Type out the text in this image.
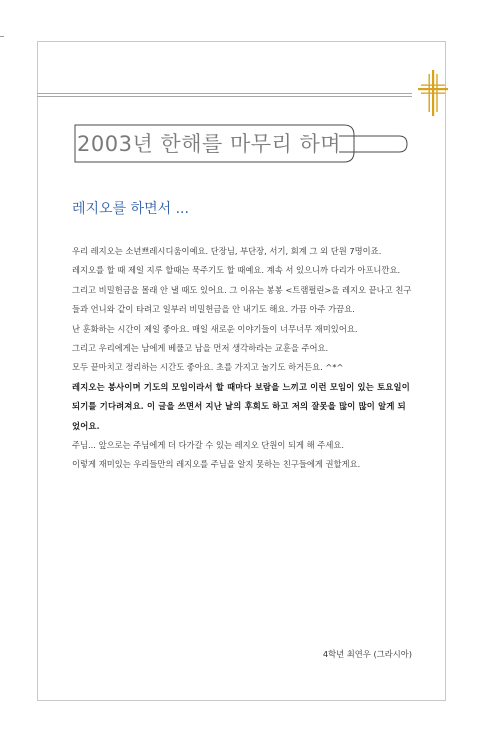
2003년 한해를 마무리 하며
레지오를 하면서 ...

우리 레지오는 소년쁘레시디움이예요. 단장님, 부단장, 서기, 회계 그 외 단원 7명이죠.

레지오를 할 때 제일 지루 할때는 묵주기도 할 때예요. 계속 서 있으니까 다리가 아프니깐요.

그리고 비밀헌금을 몰래 안 낼 때도 있어요. 그 이유는 봉봉 <트램펄린>을 레지오 끝나고 친구들과 언니와 같이 타려고 일부러 비밀헌금을 안 내기도 해요. 가끔 아주 가끔요.

난 훈화하는 시간이 제일 좋아요. 매일 새로운 이야기들이 너무너무 재미있어요.

그리고 우리에게는 남에게 베풀고 남을 먼저 생각하라는 교훈을 주어요.

모두 끝마치고 정리하는 시간도 좋아요. 초를 가지고 놀기도 하거든요. ^*^

레지오는 봉사이며 기도의 모임이라서 할 때마다 보람을 느끼고 이런 모임이 있는 토요일이 되기를 기다려져요. 이 글을 쓰면서 지난 날의 후회도 하고 저의 잘못을 많이 많이 알게 되었어요.

주님... 앞으로는 주님에게 더 다가갈 수 있는 레지오 단원이 되게 해 주세요.

이렇게 재미있는 우리들만의 레지오를 주님을 알지 못하는 친구들에게 권할게요.

4학년 최연우 (그라시아)
